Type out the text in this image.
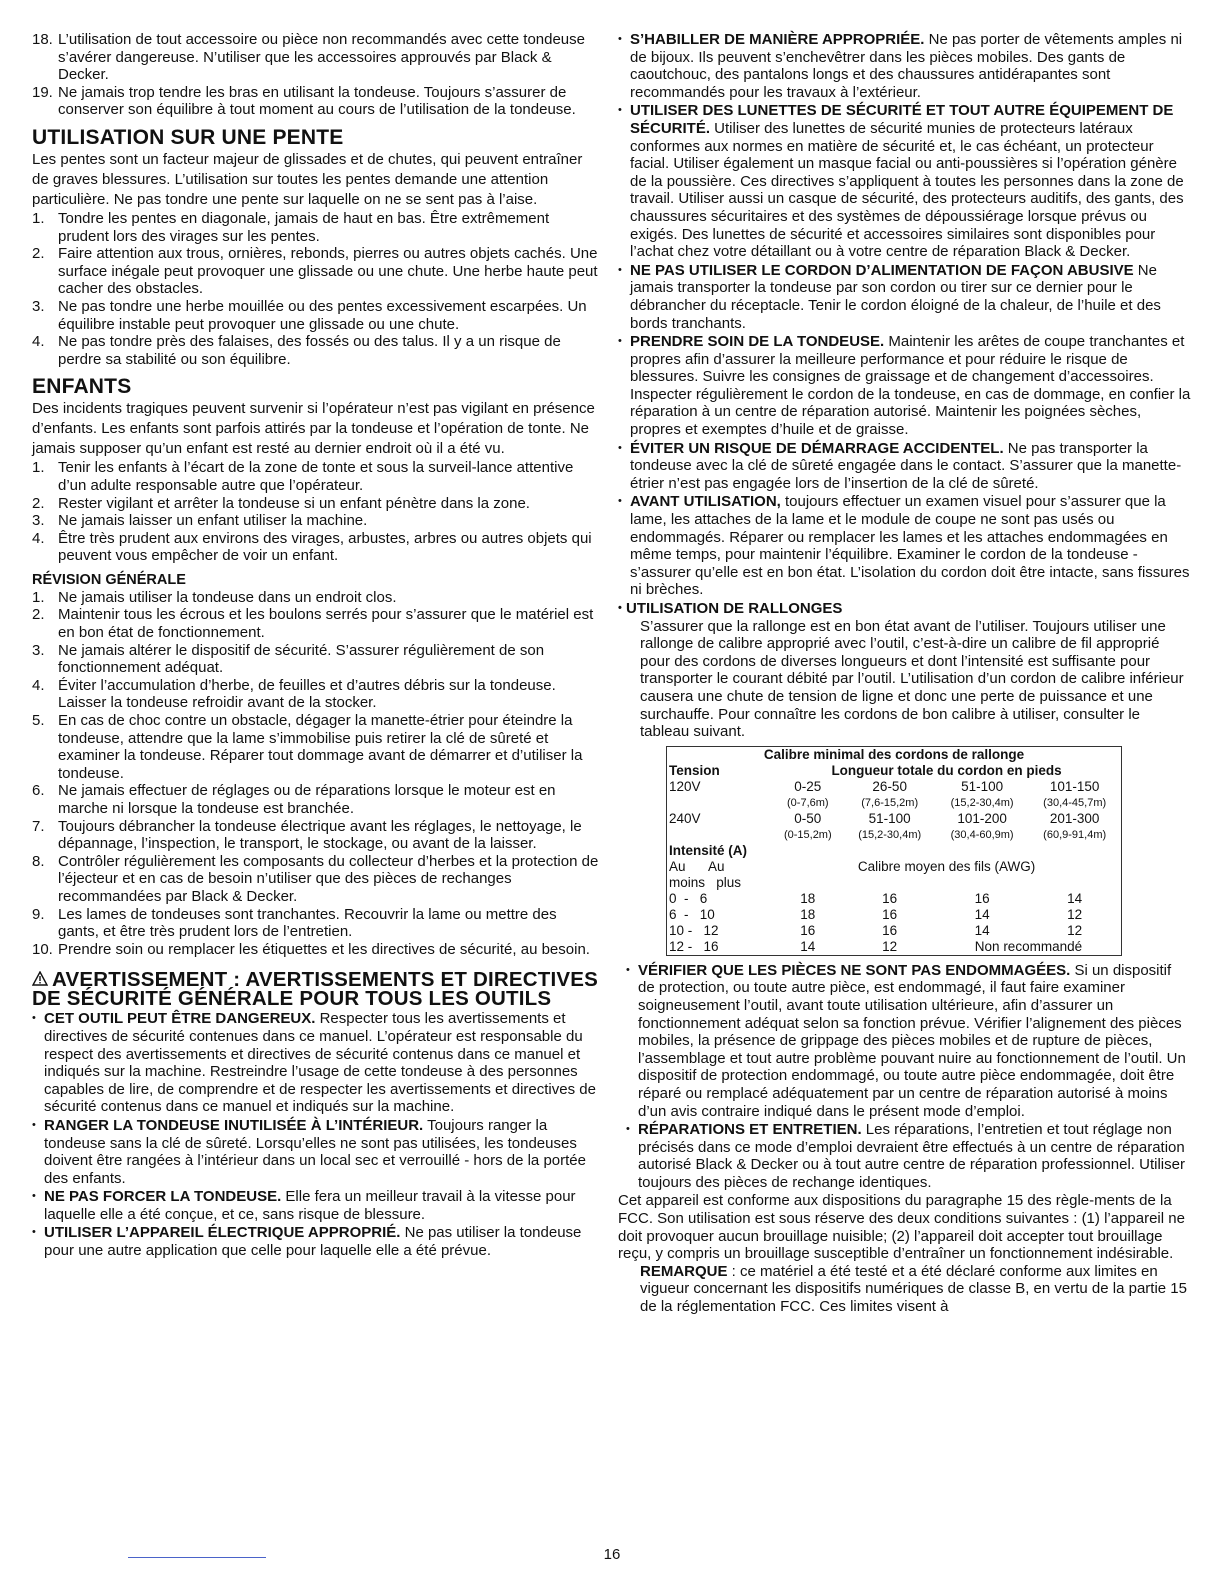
18. L’utilisation de tout accessoire ou pièce non recommandés avec cette tondeuse s’avérer dangereuse. N’utiliser que les accessoires approuvés par Black & Decker.
19. Ne jamais trop tendre les bras en utilisant la tondeuse. Toujours s’assurer de conserver son équilibre à tout moment au cours de l’utilisation de la tondeuse.
UTILISATION SUR UNE PENTE

Les pentes sont un facteur majeur de glissades et de chutes, qui peuvent entraîner de graves blessures. L’utilisation sur toutes les pentes demande une attention particulière. Ne pas tondre une pente sur laquelle on ne se sent pas à l’aise.

1. Tondre les pentes en diagonale, jamais de haut en bas. Être extrêmement prudent lors des virages sur les pentes.
2. Faire attention aux trous, ornières, rebonds, pierres ou autres objets cachés. Une surface inégale peut provoquer une glissade ou une chute. Une herbe haute peut cacher des obstacles.
3. Ne pas tondre une herbe mouillée ou des pentes excessivement escarpées. Un équilibre instable peut provoquer une glissade ou une chute.
4. Ne pas tondre près des falaises, des fossés ou des talus. Il y a un risque de perdre sa stabilité ou son équilibre.
ENFANTS

Des incidents tragiques peuvent survenir si l’opérateur n’est pas vigilant en présence d’enfants. Les enfants sont parfois attirés par la tondeuse et l’opération de tonte. Ne jamais supposer qu’un enfant est resté au dernier endroit où il a été vu.

1. Tenir les enfants à l’écart de la zone de tonte et sous la surveil-lance attentive d’un adulte responsable autre que l’opérateur.
2. Rester vigilant et arrêter la tondeuse si un enfant pénètre dans la zone.
3. Ne jamais laisser un enfant utiliser la machine.
4. Être très prudent aux environs des virages, arbustes, arbres ou autres objets qui peuvent vous empêcher de voir un enfant.
RÉVISION GÉNÉRALE
1. Ne jamais utiliser la tondeuse dans un endroit clos.
2. Maintenir tous les écrous et les boulons serrés pour s’assurer que le matériel est en bon état de fonctionnement.
3. Ne jamais altérer le dispositif de sécurité. S’assurer régulièrement de son fonctionnement adéquat.
4. Éviter l’accumulation d’herbe, de feuilles et d’autres débris sur la tondeuse. Laisser la tondeuse refroidir avant de la stocker.
5. En cas de choc contre un obstacle, dégager la manette-étrier pour éteindre la tondeuse, attendre que la lame s’immobilise puis retirer la clé de sûreté et examiner la tondeuse. Réparer tout dommage avant de démarrer et d’utiliser la tondeuse.
6. Ne jamais effectuer de réglages ou de réparations lorsque le moteur est en marche ni lorsque la tondeuse est branchée.
7. Toujours débrancher la tondeuse électrique avant les réglages, le nettoyage, le dépannage, l’inspection, le transport, le stockage, ou avant de la laisser.
8. Contrôler régulièrement les composants du collecteur d’herbes et la protection de l’éjecteur et en cas de besoin n’utiliser que des pièces de rechanges recommandées par Black & Decker.
9. Les lames de tondeuses sont tranchantes. Recouvrir la lame ou mettre des gants, et être très prudent lors de l’entretien.
10. Prendre soin ou remplacer les étiquettes et les directives de sécurité, au besoin.
AVERTISSEMENT : AVERTISSEMENTS ET DIRECTIVES DE SÉCURITÉ GÉNÉRALE POUR TOUS LES OUTILS
• CET OUTIL PEUT ÊTRE DANGEREUX. Respecter tous les avertissements et directives de sécurité contenues dans ce manuel. L’opérateur est responsable du respect des avertissements et directives de sécurité contenus dans ce manuel et indiqués sur la machine. Restreindre l’usage de cette tondeuse à des personnes capables de lire, de comprendre et de respecter les avertissements et directives de sécurité contenus dans ce manuel et indiqués sur la machine.
• RANGER LA TONDEUSE INUTILISÉE À L’INTÉRIEUR. Toujours ranger la tondeuse sans la clé de sûreté. Lorsqu’elles ne sont pas utilisées, les tondeuses doivent être rangées à l’intérieur dans un local sec et verrouillé - hors de la portée des enfants.
• NE PAS FORCER LA TONDEUSE. Elle fera un meilleur travail à la vitesse pour laquelle elle a été conçue, et ce, sans risque de blessure.
• UTILISER L’APPAREIL ÉLECTRIQUE APPROPRIÉ. Ne pas utiliser la tondeuse pour une autre application que celle pour laquelle elle a été prévue.
• S’HABILLER DE MANIÈRE APPROPRIÉE. Ne pas porter de vêtements amples ni de bijoux. Ils peuvent s’enchevêtrer dans les pièces mobiles. Des gants de caoutchouc, des pantalons longs et des chaussures antidérapantes sont recommandés pour les travaux à l’extérieur.
• UTILISER DES LUNETTES DE SÉCURITÉ ET TOUT AUTRE ÉQUIPEMENT DE SÉCURITÉ. Utiliser des lunettes de sécurité munies de protecteurs latéraux conformes aux normes en matière de sécurité et, le cas échéant, un protecteur facial. Utiliser également un masque facial ou anti-poussières si l’opération génère de la poussière. Ces directives s’appliquent à toutes les personnes dans la zone de travail. Utiliser aussi un casque de sécurité, des protecteurs auditifs, des gants, des chaussures sécuritaires et des systèmes de dépoussiérage lorsque prévus ou exigés. Des lunettes de sécurité et accessoires similaires sont disponibles pour l’achat chez votre détaillant ou à votre centre de réparation Black & Decker.
• NE PAS UTILISER LE CORDON D’ALIMENTATION DE FAÇON ABUSIVE Ne jamais transporter la tondeuse par son cordon ou tirer sur ce dernier pour le débrancher du réceptacle. Tenir le cordon éloigné de la chaleur, de l’huile et des bords tranchants.
• PRENDRE SOIN DE LA TONDEUSE. Maintenir les arêtes de coupe tranchantes et propres afin d’assurer la meilleure performance et pour réduire le risque de blessures. Suivre les consignes de graissage et de changement d’accessoires. Inspecter régulièrement le cordon de la tondeuse, en cas de dommage, en confier la réparation à un centre de réparation autorisé. Maintenir les poignées sèches, propres et exemptes d’huile et de graisse.
• ÉVITER UN RISQUE DE DÉMARRAGE ACCIDENTEL. Ne pas transporter la tondeuse avec la clé de sûreté engagée dans le contact. S’assurer que la manette-étrier n’est pas engagée lors de l’insertion de la clé de sûreté.
• AVANT UTILISATION, toujours effectuer un examen visuel pour s’assurer que la lame, les attaches de la lame et le module de coupe ne sont pas usés ou endommagés. Réparer ou remplacer les lames et les attaches endommagées en même temps, pour maintenir l’équilibre. Examiner le cordon de la tondeuse - s’assurer qu’elle est en bon état. L’isolation du cordon doit être intacte, sans fissures ni brèches.
• UTILISATION DE RALLONGES

S’assurer que la rallonge est en bon état avant de l’utiliser. Toujours utiliser une rallonge de calibre approprié avec l’outil, c’est-à-dire un calibre de fil approprié pour des cordons de diverses longueurs et dont l’intensité est suffisante pour transporter le courant débité par l’outil. L’utilisation d’un cordon de calibre inférieur causera une chute de tension de ligne et donc une perte de puissance et une surchauffe. Pour connaître les cordons de bon calibre à utiliser, consulter le tableau suivant.

Calibre minimal des cordons de rallonge				
Tension	Longueur totale du cordon en pieds			
120V	0-25	26-50	51-100	101-150
	(0-7,6m)	(7,6-15,2m)	(15,2-30,4m)	(30,4-45,7m)
240V	0-50	51-100	101-200	201-300
	(0-15,2m)	(15,2-30,4m)	(30,4-60,9m)	(60,9-91,4m)
Intensité (A)				
Au Au	Calibre moyen des fils (AWG)			
moins plus				
0  -   6	18	16	16	14
6  -   10	18	16	14	12
10 -   12	16	16	14	12
12 -   16	14	12	Non recommandé	
• VÉRIFIER QUE LES PIÈCES NE SONT PAS ENDOMMAGÉES. Si un dispositif de protection, ou toute autre pièce, est endommagé, il faut faire examiner soigneusement l’outil, avant toute utilisation ultérieure, afin d’assurer un fonctionnement adéquat selon sa fonction prévue. Vérifier l’alignement des pièces mobiles, la présence de grippage des pièces mobiles et de rupture de pièces, l’assemblage et tout autre problème pouvant nuire au fonctionnement de l’outil. Un dispositif de protection endommagé, ou toute autre pièce endommagée, doit être réparé ou remplacé adéquatement par un centre de réparation autorisé à moins d’un avis contraire indiqué dans le présent mode d’emploi.
• RÉPARATIONS ET ENTRETIEN. Les réparations, l’entretien et tout réglage non précisés dans ce mode d’emploi devraient être effectués à un centre de réparation autorisé Black & Decker ou à tout autre centre de réparation professionnel. Utiliser toujours des pièces de rechange identiques.

Cet appareil est conforme aux dispositions du paragraphe 15 des règle-ments de la FCC. Son utilisation est sous réserve des deux conditions suivantes : (1) l’appareil ne doit provoquer aucun brouillage nuisible; (2) l’appareil doit accepter tout brouillage reçu, y compris un brouillage susceptible d’entraîner un fonctionnement indésirable.

REMARQUE : ce matériel a été testé et a été déclaré conforme aux limites en vigueur concernant les dispositifs numériques de classe B, en vertu de la partie 15 de la réglementation FCC. Ces limites visent à

16
